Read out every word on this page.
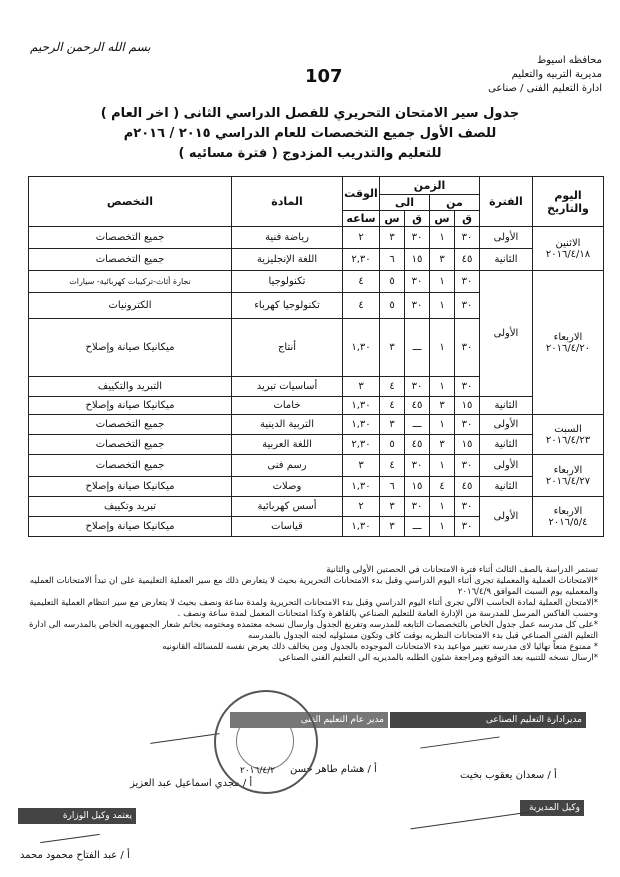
بسم الله الرحمن الرحيم
محافظه اسيوط
مديرية التربيه والتعليم
ادارة التعليم الفنى / صناعى
107
جدول سير الامتحان التحريري للفصل الدراسي الثانى ( اخر العام )
للصف الأول جميع التخصصات للعام الدراسي ٢٠١٥ / ٢٠١٦م
للتعليم والتدريب المزدوج ( فترة مسائيه )
اليوم والتاريخ	الفترة	الزمن				الوقت	المادة	التخصص
		من		الى				
		ق	س	ق	س	ساعه		
الاثنين ٢٠١٦/٤/١٨	الأولى	٣٠	١	٣٠	٣	٢	رياضة فنية	جميع التخصصات
	الثانية	٤٥	٣	١٥	٦	٢,٣٠	اللغة الإنجليزية	جميع التخصصات
الاربعاء ٢٠١٦/٤/٢٠	الأولى	٣٠	١	٣٠	٥	٤	تكنولوجيا	نجارة أثاث-تركيبات كهربائية- سيارات
		٣٠	١	٣٠	٥	٤	تكنولوجيا كهرباء	الكترونيات
		٣٠	١	ـــ	٣	١,٣٠	أنتاج	ميكانيكا صيانة وإصلاح
		٣٠	١	٣٠	٤	٣	أساسيات تبريد	التبريد والتكييف
	الثانية	١٥	٣	٤٥	٤	١,٣٠	خامات	ميكانيكا صيانة وإصلاح
السبت ٢٠١٦/٤/٢٣	الأولى	٣٠	١	ـــ	٣	١,٣٠	التربية الدينية	جميع التخصصات
	الثانية	١٥	٣	٤٥	٥	٢,٣٠	اللغة العربية	جميع التخصصات
الاربعاء ٢٠١٦/٤/٢٧	الأولى	٣٠	١	٣٠	٤	٣	رسم فنى	جميع التخصصات
	الثانية	٤٥	٤	١٥	٦	١,٣٠	وصلات	ميكانيكا صيانة وإصلاح
الاربعاء ٢٠١٦/٥/٤	الأولى	٣٠	١	٣٠	٣	٢	أسس كهربائية	تبريد وتكييف
		٣٠	١	ـــ	٣	١,٣٠	قياسات	ميكانيكا صيانة وإصلاح
تستمر الدراسة بالصف الثالث أثناء فترة الامتحانات في الحصتين الأولى والثانية
*الامتحانات العملية والمعملية تجرى أثناء اليوم الدراسي وقبل بدء الامتحانات التحريرية بحيث لا يتعارض ذلك مع سير العملية التعليمية على ان تبدأ الامتحانات العمليه والمعمليه يوم السبت الموافق ٢٠١٦/٤/٩
*الامتحان العملية لمادة الحاسب الآلي تجرى أثناء اليوم الدراسي وقبل بدء الامتحانات التحريرية ولمدة ساعة ونصف بحيث لا يتعارض مع سير انتظام العملية التعليمية وحسب الفاكس المرسل للمدرسة من الإدارة العامة للتعليم الصناعي بالقاهرة وكذا امتحانات المعمل لمدة ساعة ونصف .
*على كل مدرسه عمل جدول الخاص بالتخصصات التابعه للمدرسه وتفريغ الجدول وارسال نسخه معتمده ومختومه بخاتم شعار الجمهوريه الخاص بالمدرسه الى ادارة التعليم الفنى الصناعي قبل بدء الامتحانات النظريه بوقت كاف وتكون مسئوليه لجنه الجدول بالمدرسه
* ممنوع منعاً نهائيا لاى مدرسه تغيير مواعيد بدء الامتحانات الموجوده بالجدول ومن يخالف ذلك يعرض نفسه للمسائله القانونيه
*ارسال نسخه للتنبيه بعد التوقيع ومراجعة شئون الطلبه بالمديريه الى التعليم الفنى الصناعى
مديرادارة التعليم الصناعى
مدير عام التعليم الفنى
أ / سعدان يعقوب بخيت
أ / هشام طاهر حسن
أ / مجدي اسماعيل عبد العزيز
٢٠١٦/٤/٢
وكيل المديرية
يعتمد وكيل الوزارة
أ / عبد الفتاح محمود محمد
